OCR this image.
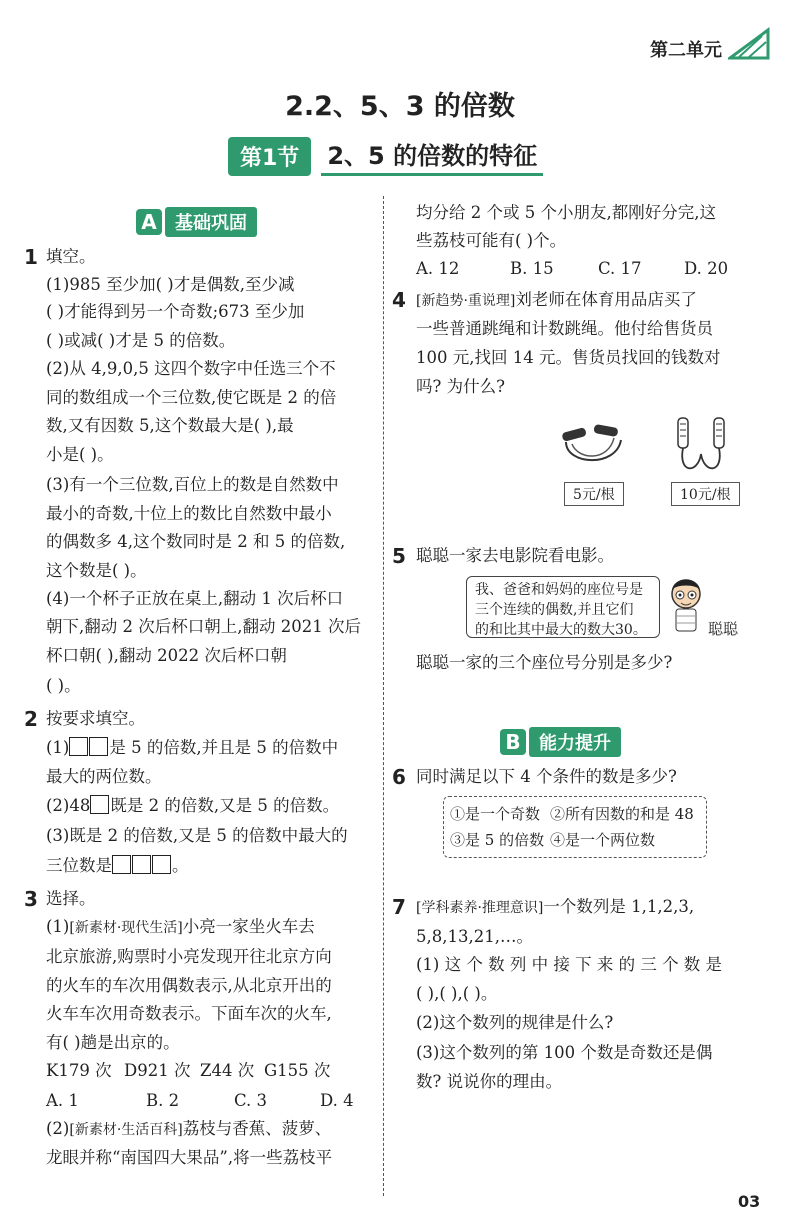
第二单元
2.2、5、3 的倍数
第1节	2、5 的倍数的特征
A	基础巩固
1 填空。
(1)985 至少加( )才是偶数,至少减
( )才能得到另一个奇数;673 至少加
( )或减( )才是 5 的倍数。
(2)从 4,9,0,5 这四个数字中任选三个不
同的数组成一个三位数,使它既是 2 的倍
数,又有因数 5,这个数最大是( ),最
小是( )。
(3)有一个三位数,百位上的数是自然数中
最小的奇数,十位上的数比自然数中最小
的偶数多 4,这个数同时是 2 和 5 的倍数,
这个数是( )。
(4)一个杯子正放在桌上,翻动 1 次后杯口
朝下,翻动 2 次后杯口朝上,翻动 2021 次后
杯口朝( ),翻动 2022 次后杯口朝
( )。
2 按要求填空。
(1) 是 5 的倍数,并且是 5 的倍数中
最大的两位数。
(2)48 既是 2 的倍数,又是 5 的倍数。
(3)既是 2 的倍数,又是 5 的倍数中最大的
三位数是	。
3 选择。
(1)[新素材·现代生活]小亮一家坐火车去
北京旅游,购票时小亮发现开往北京方向
的火车的车次用偶数表示,从北京开出的
火车车次用奇数表示。下面车次的火车,
有( )趟是出京的。
K179 次 D921 次 Z44 次 G155 次
A. 1	B. 2	C. 3	D. 4
(2)[新素材·生活百科]荔枝与香蕉、菠萝、
龙眼并称“南国四大果品”,将一些荔枝平
均分给 2 个或 5 个小朋友,都刚好分完,这
些荔枝可能有( )个。
A. 12	B. 15	C. 17	D. 20
4 [新趋势·重说理]刘老师在体育用品店买了
一些普通跳绳和计数跳绳。他付给售货员
100 元,找回 14 元。售货员找回的钱数对
吗? 为什么?
5元/根	10元/根
5 聪聪一家去电影院看电影。
我、爸爸和妈妈的座位号是
三个连续的偶数,并且它们
的和比其中最大的数大30。	聪聪
聪聪一家的三个座位号分别是多少?
B	能力提升
6 同时满足以下 4 个条件的数是多少?
①是一个奇数 ②所有因数的和是 48
③是 5 的倍数 ④是一个两位数
7 [学科素养·推理意识]一个数列是 1,1,2,3,
5,8,13,21,…。
(1) 这 个 数 列 中 接 下 来 的 三 个 数 是
( ),( ),( )。
(2)这个数列的规律是什么?
(3)这个数列的第 100 个数是奇数还是偶
数? 说说你的理由。
03
